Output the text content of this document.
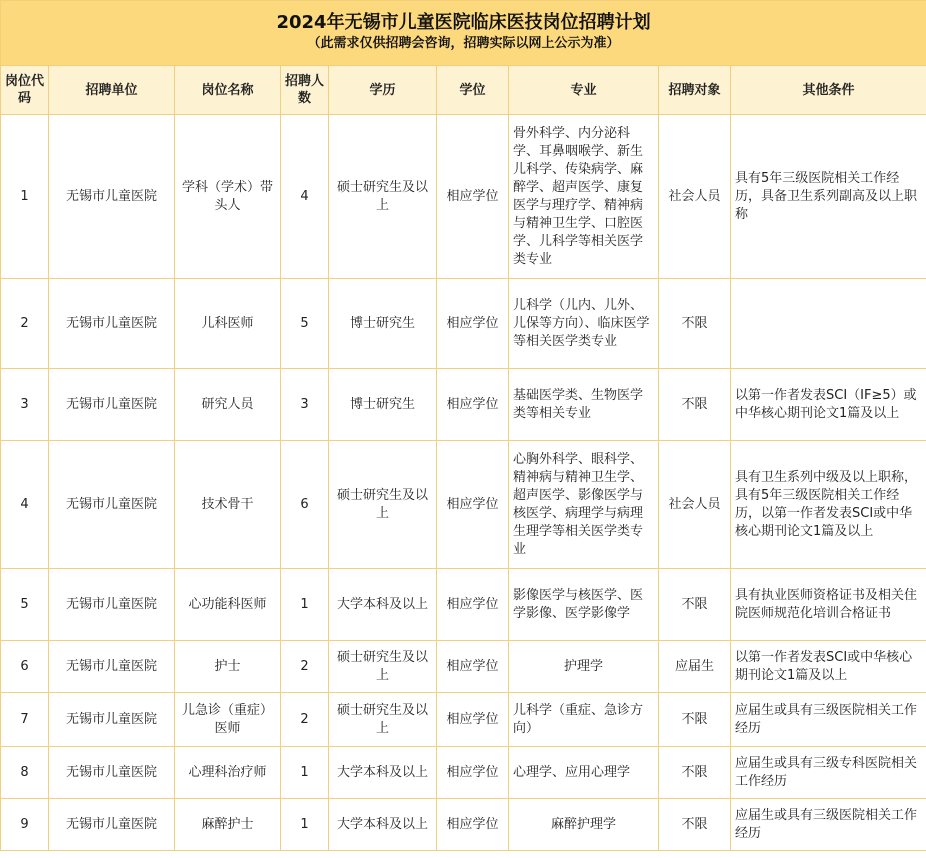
2024年无锡市儿童医院临床医技岗位招聘计划
（此需求仅供招聘会咨询，招聘实际以网上公示为准）								

岗位代码	招聘单位	岗位名称	招聘人数	学历	学位	专业	招聘对象	其他条件
1	无锡市儿童医院	学科（学术）带头人	4	硕士研究生及以上	相应学位	骨外科学、内分泌科学、耳鼻咽喉学、新生儿科学、传染病学、麻醉学、超声医学、康复医学与理疗学、精神病与精神卫生学、口腔医学、儿科学等相关医学类专业	社会人员	具有5年三级医院相关工作经历，具备卫生系列副高及以上职称
2	无锡市儿童医院	儿科医师	5	博士研究生	相应学位	儿科学（儿内、儿外、儿保等方向）、临床医学等相关医学类专业	不限	
3	无锡市儿童医院	研究人员	3	博士研究生	相应学位	基础医学类、生物医学类等相关专业	不限	以第一作者发表SCI（IF≥5）或中华核心期刊论文1篇及以上
4	无锡市儿童医院	技术骨干	6	硕士研究生及以上	相应学位	心胸外科学、眼科学、精神病与精神卫生学、超声医学、影像医学与核医学、病理学与病理生理学等相关医学类专业	社会人员	具有卫生系列中级及以上职称，具有5年三级医院相关工作经历，以第一作者发表SCI或中华核心期刊论文1篇及以上
5	无锡市儿童医院	心功能科医师	1	大学本科及以上	相应学位	影像医学与核医学、医学影像、医学影像学	不限	具有执业医师资格证书及相关住院医师规范化培训合格证书
6	无锡市儿童医院	护士	2	硕士研究生及以上	相应学位	护理学	应届生	以第一作者发表SCI或中华核心期刊论文1篇及以上
7	无锡市儿童医院	儿急诊（重症）医师	2	硕士研究生及以上	相应学位	儿科学（重症、急诊方向）	不限	应届生或具有三级医院相关工作经历
8	无锡市儿童医院	心理科治疗师	1	大学本科及以上	相应学位	心理学、应用心理学	不限	应届生或具有三级专科医院相关工作经历
9	无锡市儿童医院	麻醉护士	1	大学本科及以上	相应学位	麻醉护理学	不限	应届生或具有三级医院相关工作经历
